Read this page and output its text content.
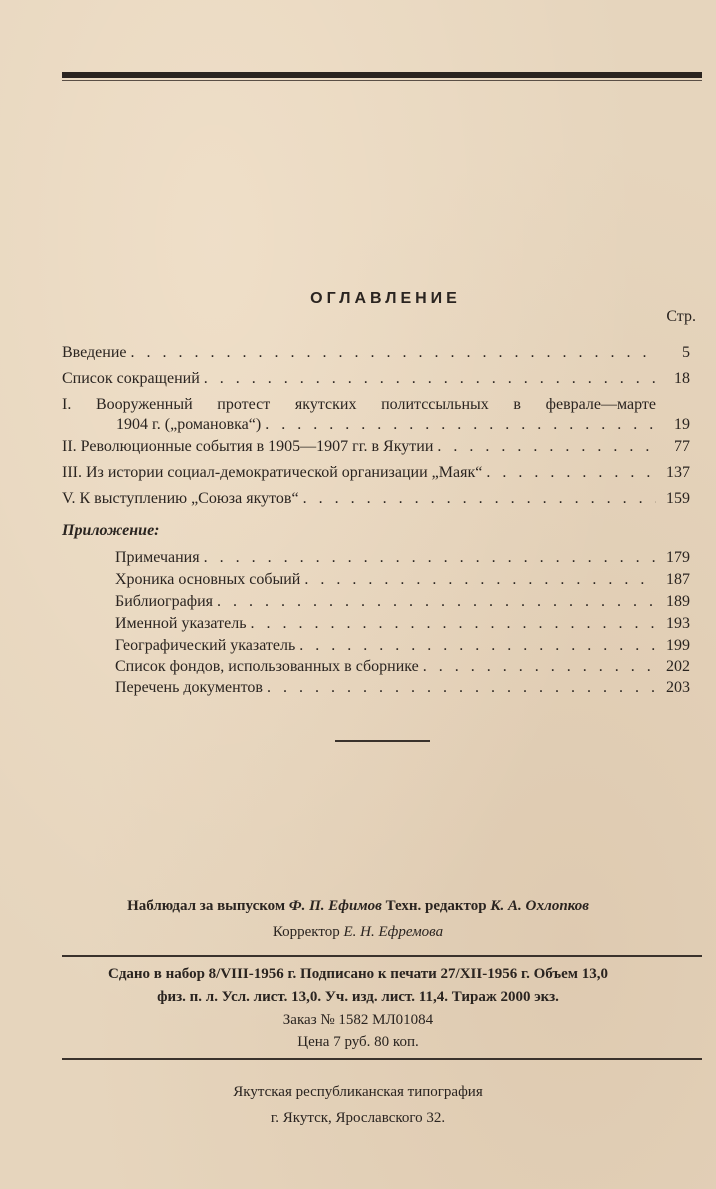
ОГЛАВЛЕНИЕ
Стр.
Введение . . .	5
Список сокращений . . .	18
I. Вооруженный протест якутских политссыльных в феврале—марте
1904 г. („романовка“) . . .	19
II. Революционные события в 1905—1907 гг. в Якутии . . .	77
III. Из истории социал-демократической организации „Маяк“ . . .	137
V. К выступлению „Союза якутов“ . . .	159
Приложение:
Примечания . . .	179
Хроника основных собыий . . .	187
Библиография . . .	189
Именной указатель . . .	193
Географический указатель . . .	199
Список фондов, использованных в сборнике . . .	202
Перечень документов . . .	203
Наблюдал за выпуском Ф. П. Ефимов Техн. редактор К. А. Охлопков
Корректор Е. Н. Ефремова
Сдано в набор 8/VIII-1956 г. Подписано к печати 27/XII-1956 г. Объем 13,0
физ. п. л. Усл. лист. 13,0. Уч. изд. лист. 11,4. Тираж 2000 экз.
Заказ № 1582 МЛ01084
Цена 7 руб. 80 коп.
Якутская республиканская типография
г. Якутск, Ярославского 32.
